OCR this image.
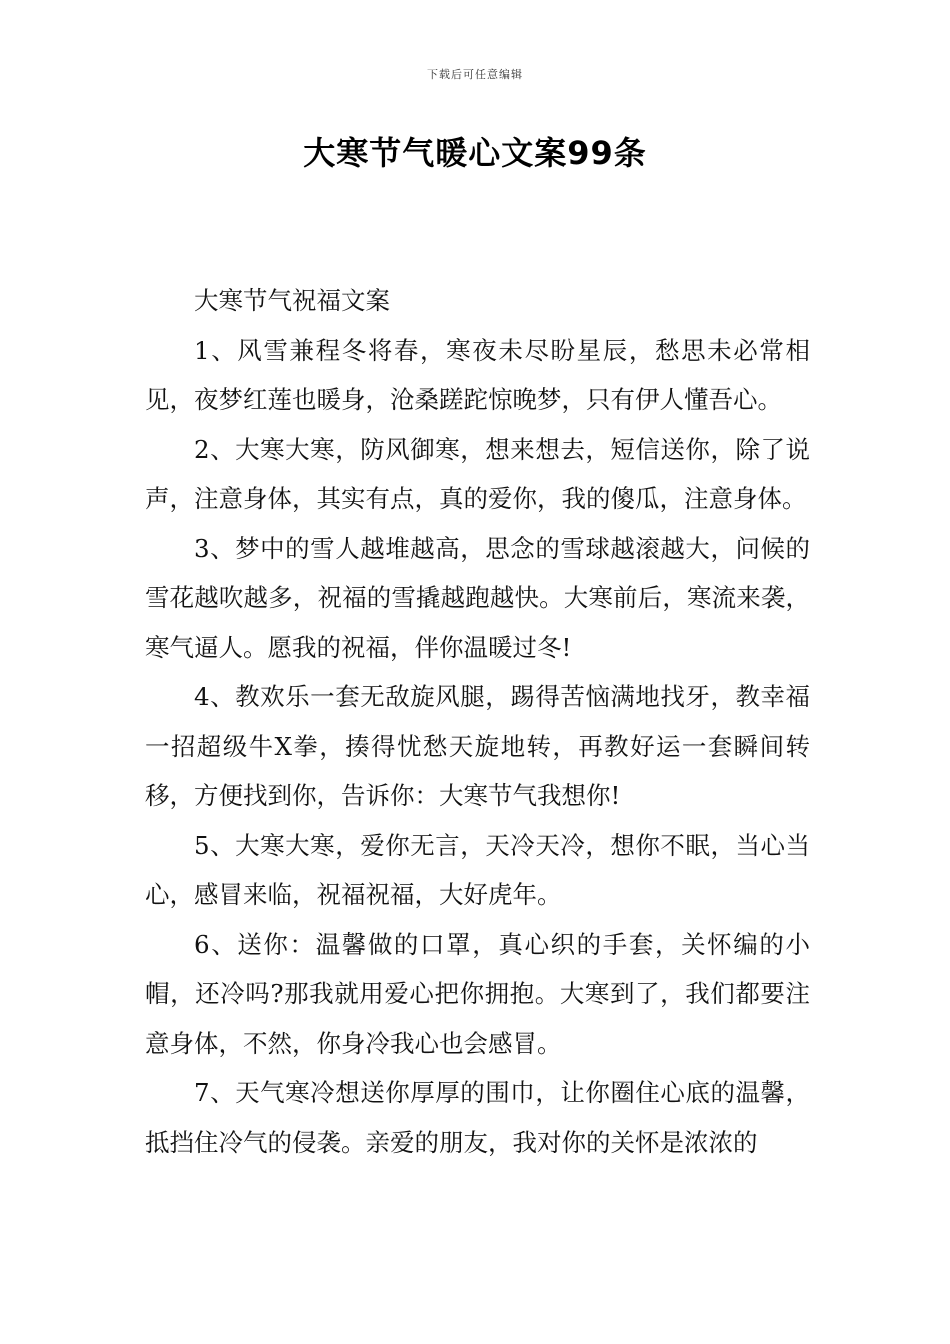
下载后可任意编辑
大寒节气暖心文案99条

大寒节气祝福文案

1、风雪兼程冬将春，寒夜未尽盼星辰，愁思未必常相见，夜梦红莲也暖身，沧桑蹉跎惊晚梦，只有伊人懂吾心。

2、大寒大寒，防风御寒，想来想去，短信送你，除了说声，注意身体，其实有点，真的爱你，我的傻瓜，注意身体。

3、梦中的雪人越堆越高，思念的雪球越滚越大，问候的雪花越吹越多，祝福的雪撬越跑越快。大寒前后，寒流来袭，寒气逼人。愿我的祝福，伴你温暖过冬!

4、教欢乐一套无敌旋风腿，踢得苦恼满地找牙，教幸福一招超级牛X拳，揍得忧愁天旋地转，再教好运一套瞬间转移，方便找到你，告诉你：大寒节气我想你!

5、大寒大寒，爱你无言，天冷天冷，想你不眠，当心当心，感冒来临，祝福祝福，大好虎年。

6、送你：温馨做的口罩，真心织的手套，关怀编的小帽，还冷吗?那我就用爱心把你拥抱。大寒到了，我们都要注意身体，不然，你身冷我心也会感冒。

7、天气寒冷想送你厚厚的围巾，让你圈住心底的温馨，抵挡住冷气的侵袭。亲爱的朋友，我对你的关怀是浓浓的
